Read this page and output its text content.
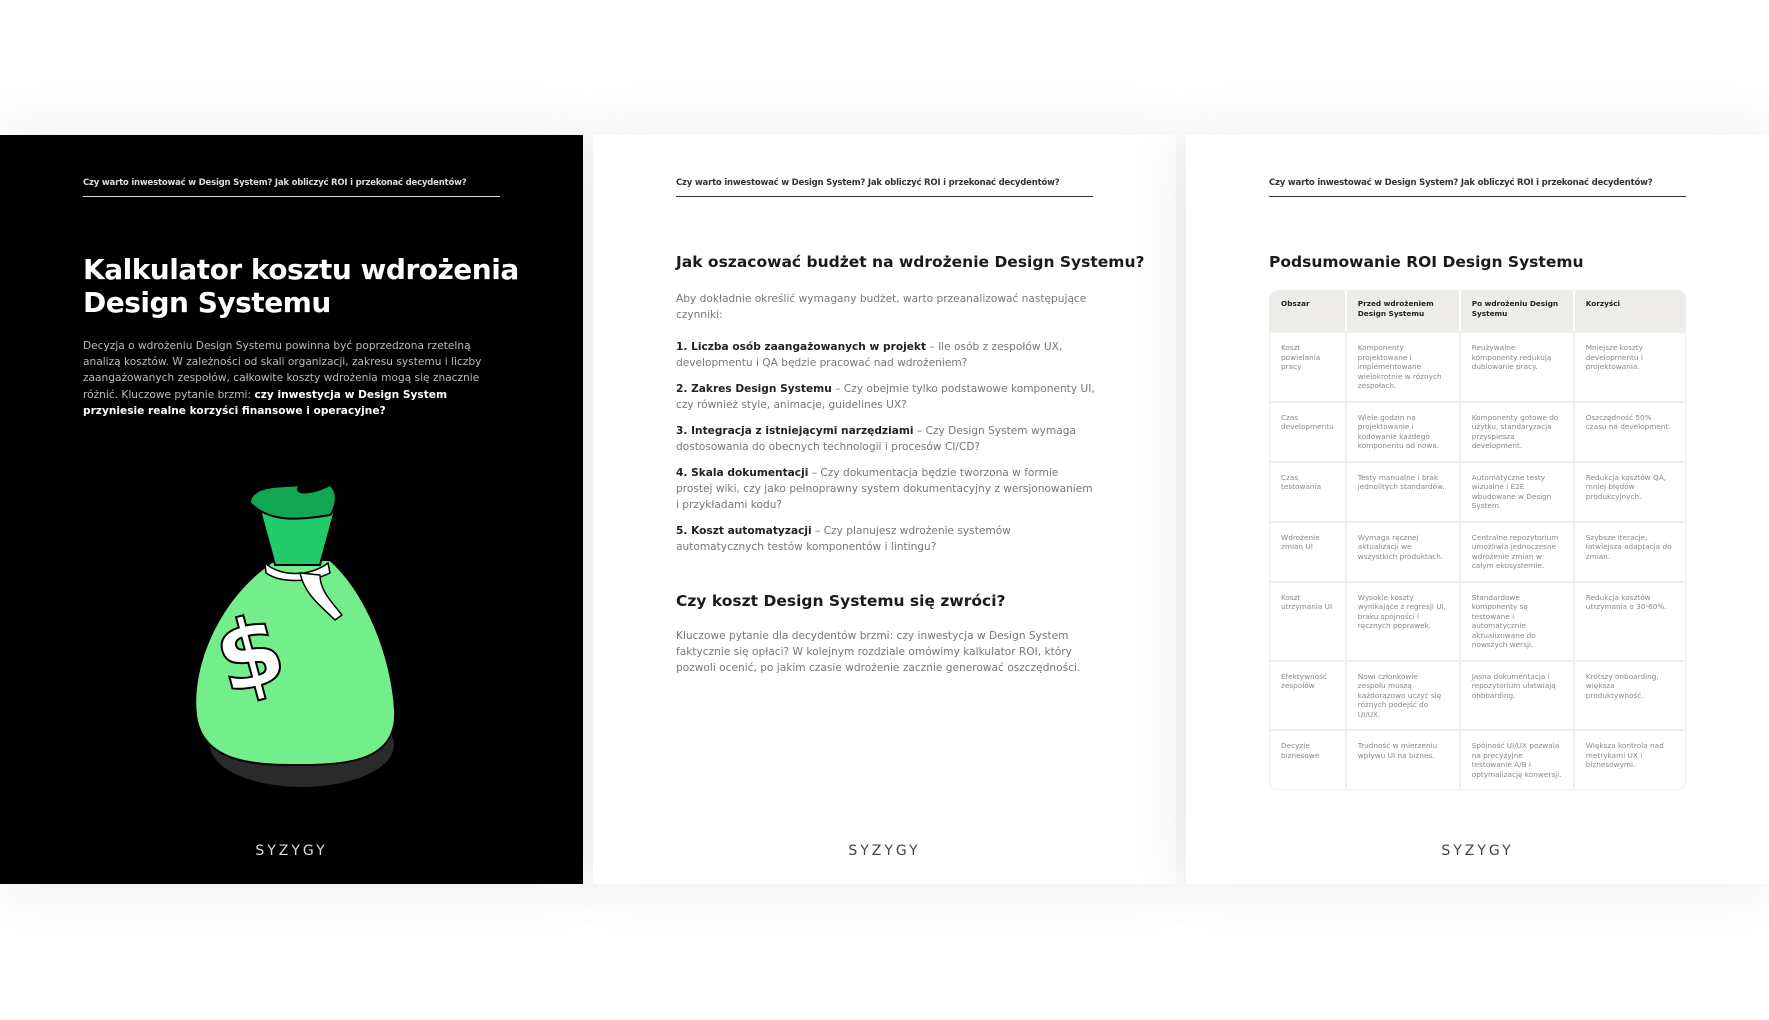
Czy warto inwestować w Design System? Jak obliczyć ROI i przekonać decydentów?
Kalkulator kosztu wdrożenia Design Systemu
Decyzja o wdrożeniu Design Systemu powinna być poprzedzona rzetelną analizą kosztów. W zależności od skali organizacji, zakresu systemu i liczby zaangażowanych zespołów, całkowite koszty wdrożenia mogą się znacznie różnić. Kluczowe pytanie brzmi: czy inwestycja w Design System przyniesie realne korzyści finansowe i operacyjne?
$
SYZYGY
Czy warto inwestować w Design System? Jak obliczyć ROI i przekonać decydentów?
Jak oszacować budżet na wdrożenie Design Systemu?
Aby dokładnie określić wymagany budżet, warto przeanalizować następujące czynniki:
1. Liczba osób zaangażowanych w projekt – Ile osób z zespołów UX, developmentu i QA będzie pracować nad wdrożeniem?
2. Zakres Design Systemu – Czy obejmie tylko podstawowe komponenty UI, czy również style, animacje, guidelines UX?
3. Integracja z istniejącymi narzędziami – Czy Design System wymaga dostosowania do obecnych technologii i procesów CI/CD?
4. Skala dokumentacji – Czy dokumentacja będzie tworzona w formie prostej wiki, czy jako pełnoprawny system dokumentacyjny z wersjonowaniem i przykładami kodu?
5. Koszt automatyzacji – Czy planujesz wdrożenie systemów automatycznych testów komponentów i lintingu?
Czy koszt Design Systemu się zwróci?
Kluczowe pytanie dla decydentów brzmi: czy inwestycja w Design System faktycznie się opłaci? W kolejnym rozdziale omówimy kalkulator ROI, który pozwoli ocenić, po jakim czasie wdrożenie zacznie generować oszczędności.
SYZYGY
Czy warto inwestować w Design System? Jak obliczyć ROI i przekonać decydentów?
Podsumowanie ROI Design Systemu
Obszar	Przed wdrożeniem Design Systemu	Po wdrożeniu Design Systemu	Korzyści
Koszt powielania pracy	Komponenty projektowane i implementowane wielokrotnie w różnych zespołach.	Reużywalne komponenty redukują dublowanie pracy.	Mniejsze koszty developmentu i projektowania.
Czas developmentu	Wiele godzin na projektowanie i kodowanie każdego komponentu od nowa.	Komponenty gotowe do użytku, standaryzacja przyspiesza development.	Oszczędność 50% czasu na development.
Czas testowania	Testy manualne i brak jednolitych standardów.	Automatyczne testy wizualne i E2E wbudowane w Design System.	Redukcja kosztów QA, mniej błędów produkcyjnych.
Wdrożenie zmian UI	Wymaga ręcznej aktualizacji we wszystkich produktach.	Centralne repozytorium umożliwia jednoczesne wdrożenie zmian w całym ekosystemie.	Szybsze iteracje, łatwiejsza adaptacja do zmian.
Koszt utrzymania UI	Wysokie koszty wynikające z regresji UI, braku spójności i ręcznych poprawek.	Standardowe komponenty są testowane i automatycznie aktualizowane do nowszych wersji.	Redukcja kosztów utrzymania o 30-60%.
Efektywność zespołów	Nowi członkowie zespołu muszą każdorazowo uczyć się różnych podejść do UI/UX.	Jasna dokumentacja i repozytorium ułatwiają onboarding.	Krótszy onboarding, większa produktywność.
Decyzje biznesowe	Trudność w mierzeniu wpływu UI na biznes.	Spójność UI/UX pozwala na precyzyjne testowanie A/B i optymalizację konwersji.	Większa kontrola nad metrykami UX i biznesowymi.
SYZYGY
